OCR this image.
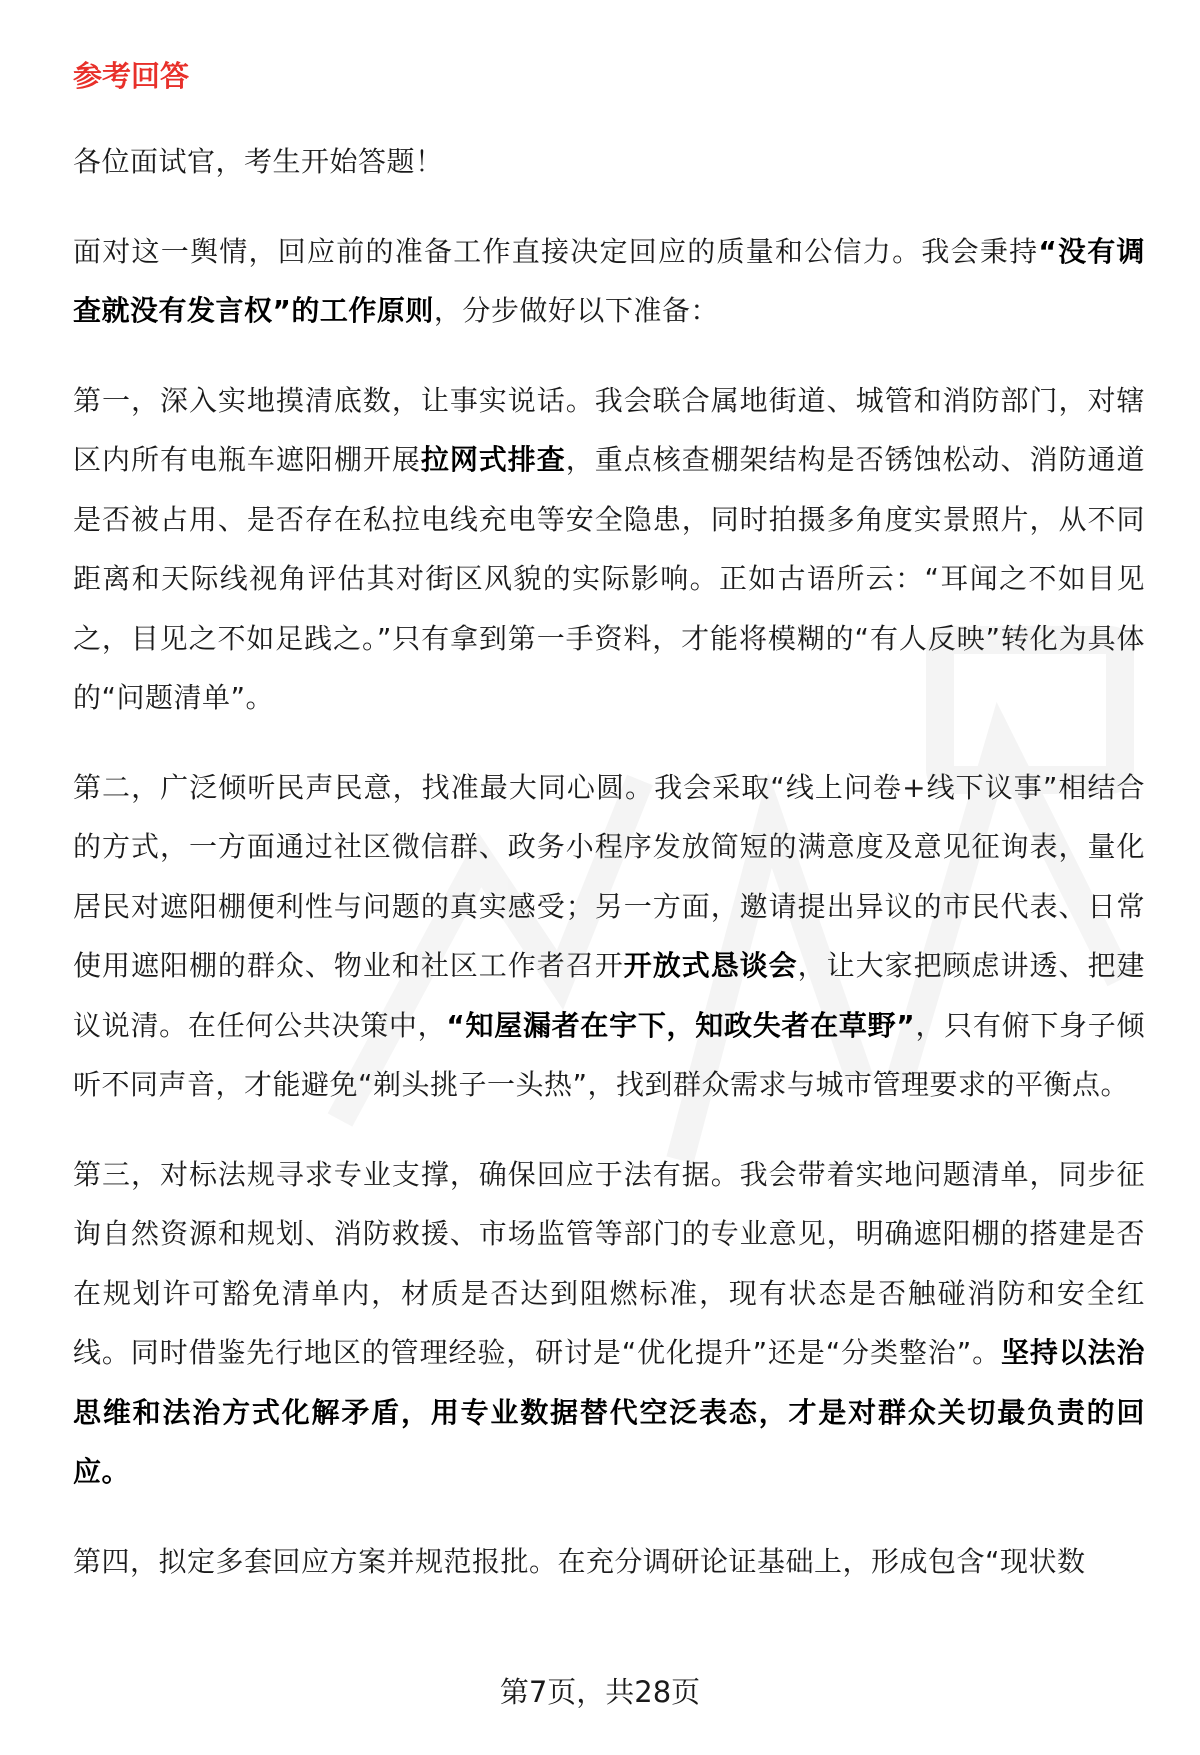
参考回答

各位面试官，考生开始答题！

面对这一舆情，回应前的准备工作直接决定回应的质量和公信力。我会秉持“没有调查就没有发言权”的工作原则，分步做好以下准备：

第一，深入实地摸清底数，让事实说话。我会联合属地街道、城管和消防部门，对辖区内所有电瓶车遮阳棚开展拉网式排查，重点核查棚架结构是否锈蚀松动、消防通道是否被占用、是否存在私拉电线充电等安全隐患，同时拍摄多角度实景照片，从不同距离和天际线视角评估其对街区风貌的实际影响。正如古语所云：“耳闻之不如目见之，目见之不如足践之。”只有拿到第一手资料，才能将模糊的“有人反映”转化为具体的“问题清单”。

第二，广泛倾听民声民意，找准最大同心圆。我会采取“线上问卷+线下议事”相结合的方式，一方面通过社区微信群、政务小程序发放简短的满意度及意见征询表，量化居民对遮阳棚便利性与问题的真实感受；另一方面，邀请提出异议的市民代表、日常使用遮阳棚的群众、物业和社区工作者召开开放式恳谈会，让大家把顾虑讲透、把建议说清。在任何公共决策中，“知屋漏者在宇下，知政失者在草野”，只有俯下身子倾听不同声音，才能避免“剃头挑子一头热”，找到群众需求与城市管理要求的平衡点。

第三，对标法规寻求专业支撑，确保回应于法有据。我会带着实地问题清单，同步征询自然资源和规划、消防救援、市场监管等部门的专业意见，明确遮阳棚的搭建是否在规划许可豁免清单内，材质是否达到阻燃标准，现有状态是否触碰消防和安全红线。同时借鉴先行地区的管理经验，研讨是“优化提升”还是“分类整治”。坚持以法治思维和法治方式化解矛盾，用专业数据替代空泛表态，才是对群众关切最负责的回应。

第四，拟定多套回应方案并规范报批。在充分调研论证基础上，形成包含“现状数

第7页，共28页
